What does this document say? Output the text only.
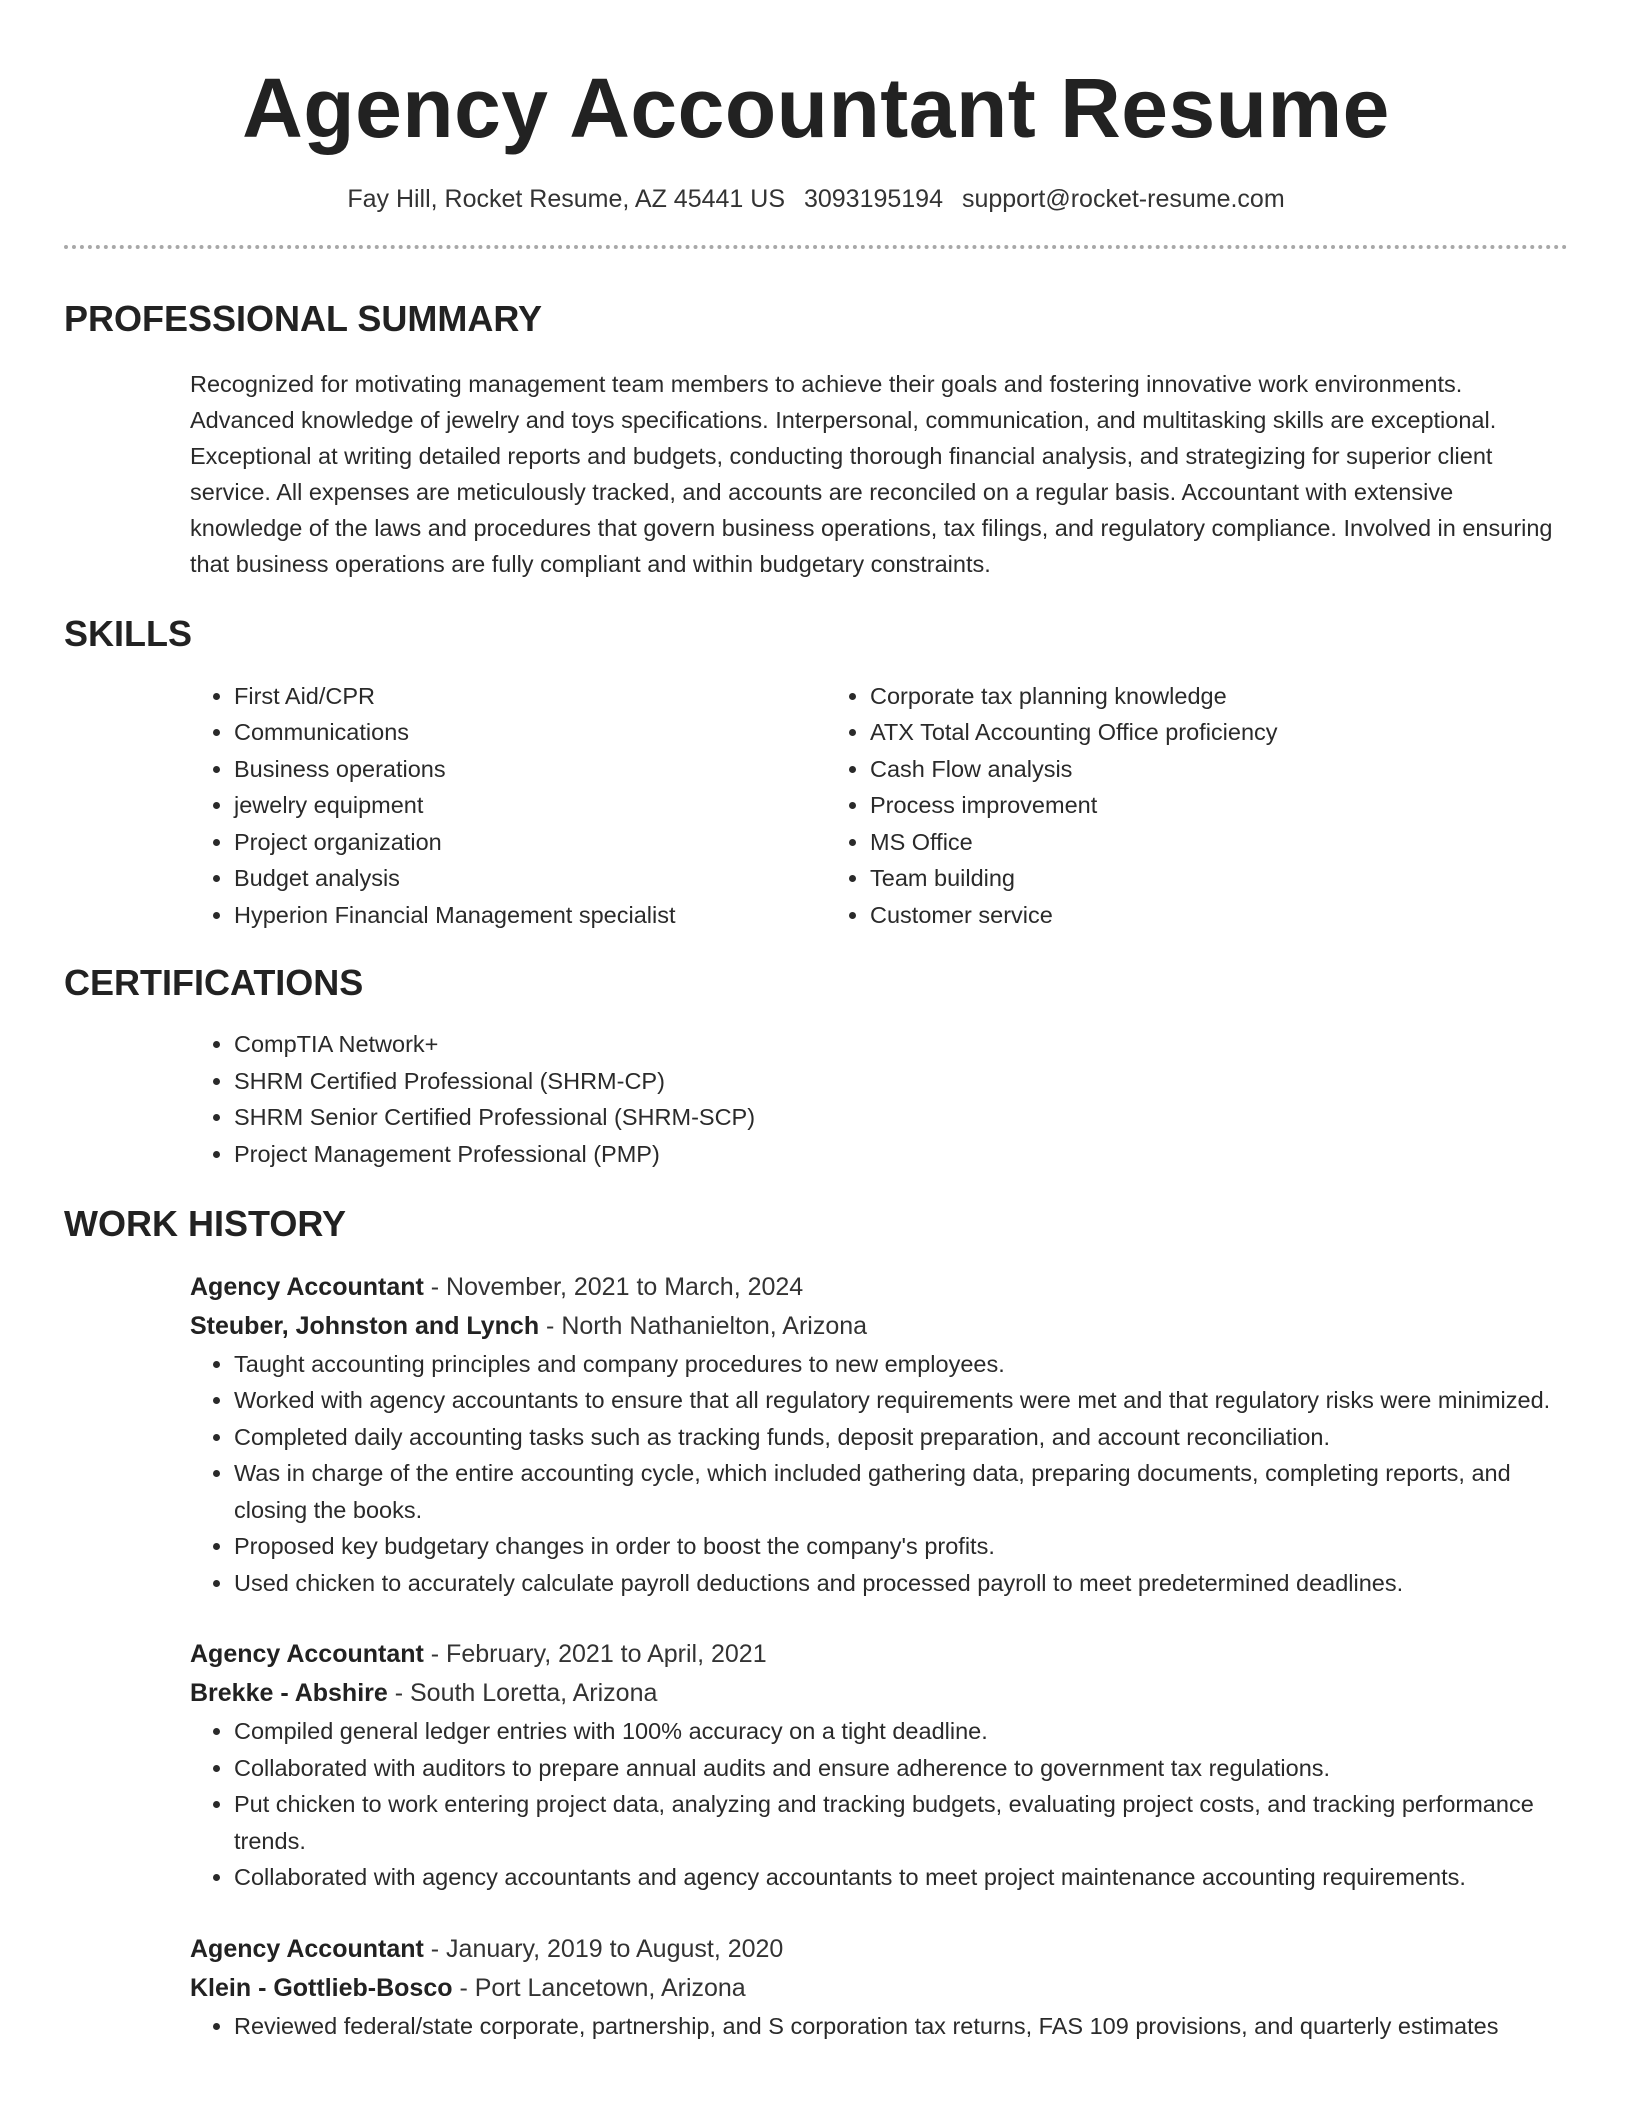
Agency Accountant Resume
Fay Hill, Rocket Resume, AZ 45441 US 3093195194 support@rocket-resume.com
PROFESSIONAL SUMMARY

Recognized for motivating management team members to achieve their goals and fostering innovative work environments. Advanced knowledge of jewelry and toys specifications. Interpersonal, communication, and multitasking skills are exceptional. Exceptional at writing detailed reports and budgets, conducting thorough financial analysis, and strategizing for superior client service. All expenses are meticulously tracked, and accounts are reconciled on a regular basis. Accountant with extensive knowledge of the laws and procedures that govern business operations, tax filings, and regulatory compliance. Involved in ensuring that business operations are fully compliant and within budgetary constraints.

SKILLS
• First Aid/CPR
• Communications
• Business operations
• jewelry equipment
• Project organization
• Budget analysis
• Hyperion Financial Management specialist
• Corporate tax planning knowledge
• ATX Total Accounting Office proficiency
• Cash Flow analysis
• Process improvement
• MS Office
• Team building
• Customer service
CERTIFICATIONS
• CompTIA Network+
• SHRM Certified Professional (SHRM-CP)
• SHRM Senior Certified Professional (SHRM-SCP)
• Project Management Professional (PMP)
WORK HISTORY
Agency Accountant - November, 2021 to March, 2024
Steuber, Johnston and Lynch - North Nathanielton, Arizona
• Taught accounting principles and company procedures to new employees.
• Worked with agency accountants to ensure that all regulatory requirements were met and that regulatory risks were minimized.
• Completed daily accounting tasks such as tracking funds, deposit preparation, and account reconciliation.
• Was in charge of the entire accounting cycle, which included gathering data, preparing documents, completing reports, and closing the books.
• Proposed key budgetary changes in order to boost the company's profits.
• Used chicken to accurately calculate payroll deductions and processed payroll to meet predetermined deadlines.
Agency Accountant - February, 2021 to April, 2021
Brekke - Abshire - South Loretta, Arizona
• Compiled general ledger entries with 100% accuracy on a tight deadline.
• Collaborated with auditors to prepare annual audits and ensure adherence to government tax regulations.
• Put chicken to work entering project data, analyzing and tracking budgets, evaluating project costs, and tracking performance trends.
• Collaborated with agency accountants and agency accountants to meet project maintenance accounting requirements.
Agency Accountant - January, 2019 to August, 2020
Klein - Gottlieb-Bosco - Port Lancetown, Arizona
• Reviewed federal/state corporate, partnership, and S corporation tax returns, FAS 109 provisions, and quarterly estimates
